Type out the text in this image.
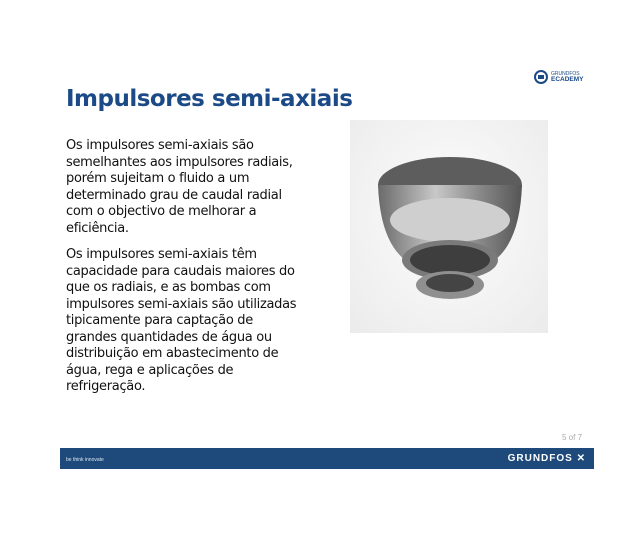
Impulsores semi-axiais
GRUNDFOS
ECADEMY
Os impulsores semi-axiais são semelhantes aos impulsores radiais, porém sujeitam o fluido a um determinado grau de caudal radial com o objectivo de melhorar a eficiência.
Os impulsores semi-axiais têm capacidade para caudais maiores do que os radiais, e as bombas com impulsores semi-axiais são utilizadas tipicamente para captação de grandes quantidades de água ou distribuição em abastecimento de água, rega e aplicações de refrigeração.
5 of 7
be think innovate	GRUNDFOS ✕
